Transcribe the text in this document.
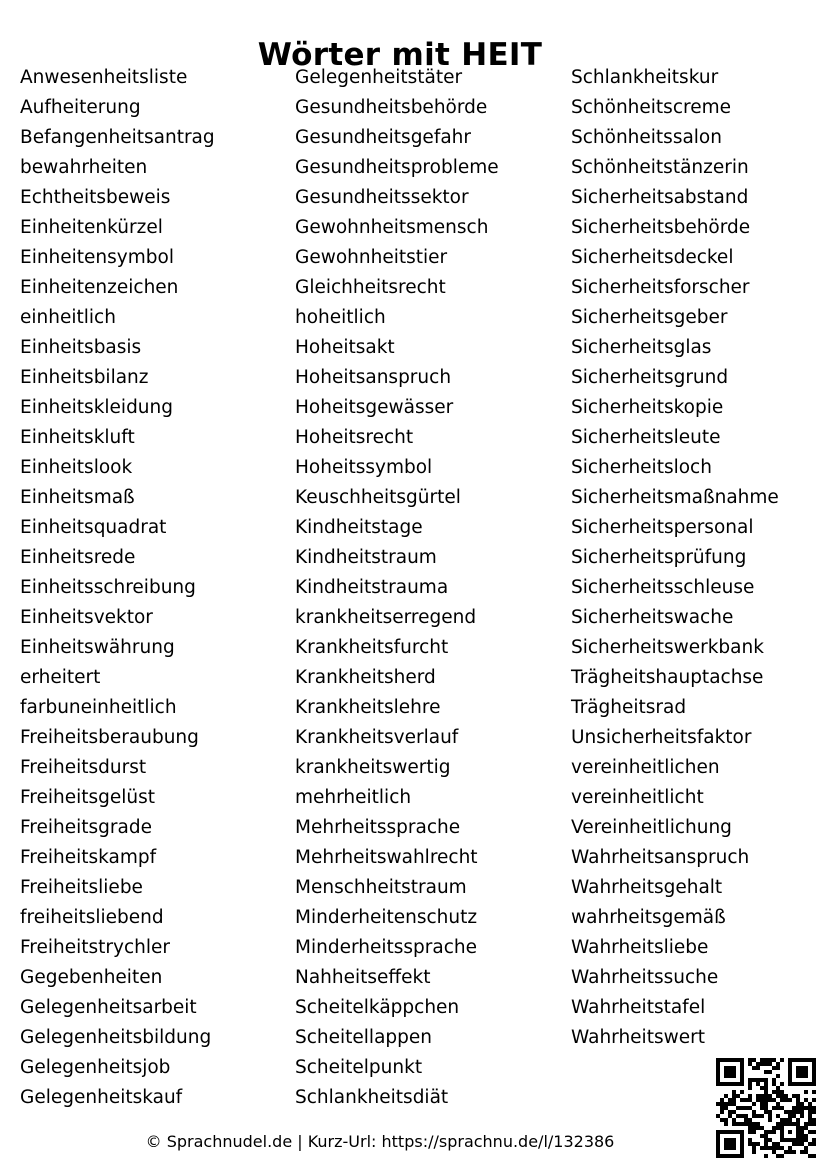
Wörter mit HEIT
Anwesenheitsliste
Aufheiterung
Befangenheitsantrag
bewahrheiten
Echtheitsbeweis
Einheitenkürzel
Einheitensymbol
Einheitenzeichen
einheitlich
Einheitsbasis
Einheitsbilanz
Einheitskleidung
Einheitskluft
Einheitslook
Einheitsmaß
Einheitsquadrat
Einheitsrede
Einheitsschreibung
Einheitsvektor
Einheitswährung
erheitert
farbuneinheitlich
Freiheitsberaubung
Freiheitsdurst
Freiheitsgelüst
Freiheitsgrade
Freiheitskampf
Freiheitsliebe
freiheitsliebend
Freiheitstrychler
Gegebenheiten
Gelegenheitsarbeit
Gelegenheitsbildung
Gelegenheitsjob
Gelegenheitskauf
Gelegenheitstäter
Gesundheitsbehörde
Gesundheitsgefahr
Gesundheitsprobleme
Gesundheitssektor
Gewohnheitsmensch
Gewohnheitstier
Gleichheitsrecht
hoheitlich
Hoheitsakt
Hoheitsanspruch
Hoheitsgewässer
Hoheitsrecht
Hoheitssymbol
Keuschheitsgürtel
Kindheitstage
Kindheitstraum
Kindheitstrauma
krankheitserregend
Krankheitsfurcht
Krankheitsherd
Krankheitslehre
Krankheitsverlauf
krankheitswertig
mehrheitlich
Mehrheitssprache
Mehrheitswahlrecht
Menschheitstraum
Minderheitenschutz
Minderheitssprache
Nahheitseffekt
Scheitelkäppchen
Scheitellappen
Scheitelpunkt
Schlankheitsdiät
Schlankheitskur
Schönheitscreme
Schönheitssalon
Schönheitstänzerin
Sicherheitsabstand
Sicherheitsbehörde
Sicherheitsdeckel
Sicherheitsforscher
Sicherheitsgeber
Sicherheitsglas
Sicherheitsgrund
Sicherheitskopie
Sicherheitsleute
Sicherheitsloch
Sicherheitsmaßnahme
Sicherheitspersonal
Sicherheitsprüfung
Sicherheitsschleuse
Sicherheitswache
Sicherheitswerkbank
Trägheitshauptachse
Trägheitsrad
Unsicherheitsfaktor
vereinheitlichen
vereinheitlicht
Vereinheitlichung
Wahrheitsanspruch
Wahrheitsgehalt
wahrheitsgemäß
Wahrheitsliebe
Wahrheitssuche
Wahrheitstafel
Wahrheitswert
© Sprachnudel.de | Kurz-Url: https://sprachnu.de/l/132386
